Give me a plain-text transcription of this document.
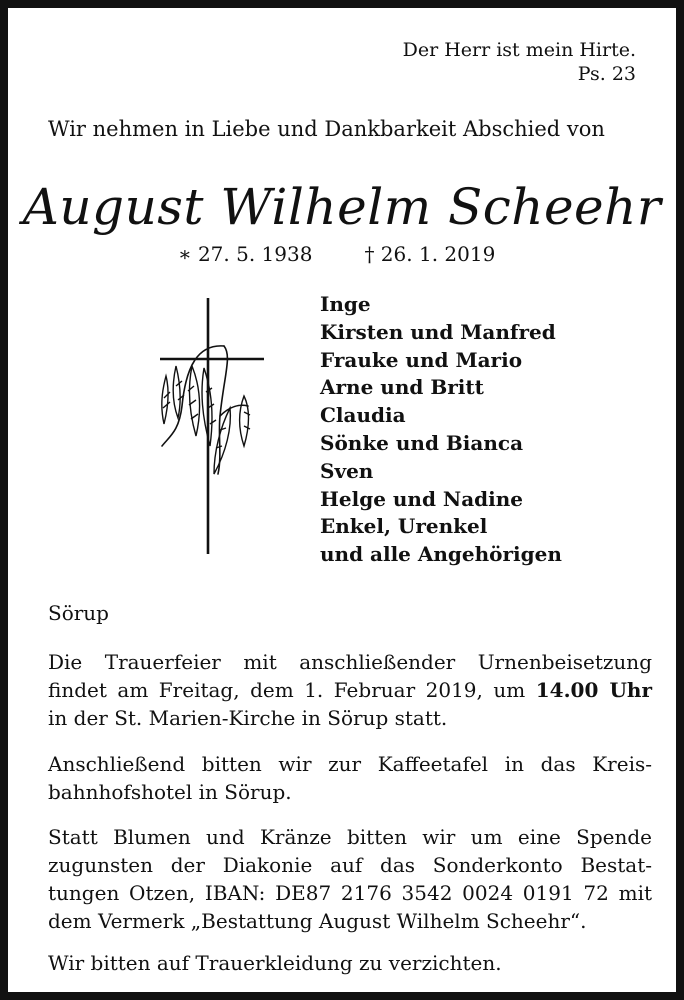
Der Herr ist mein Hirte.
Ps. 23
Wir nehmen in Liebe und Dankbarkeit Abschied von
August Wilhelm Scheehr
∗ 27. 5. 1938	† 26. 1. 2019
Inge
Kirsten und Manfred
Frauke und Mario
Arne und Britt
Claudia
Sönke und Bianca
Sven
Helge und Nadine
Enkel, Urenkel
und alle Angehörigen
Sörup
Die Trauerfeier mit anschließender Urnenbeisetzung
findet am Freitag, dem 1. Februar 2019, um 14.00 Uhr
in der St. Marien-Kirche in Sörup statt.
Anschließend bitten wir zur Kaffeetafel in das Kreis-
bahnhofshotel in Sörup.
Statt Blumen und Kränze bitten wir um eine Spende
zugunsten der Diakonie auf das Sonderkonto Bestat-
tungen Otzen, IBAN: DE87 2176 3542 0024 0191 72 mit
dem Vermerk „Bestattung August Wilhelm Scheehr“.
Wir bitten auf Trauerkleidung zu verzichten.
